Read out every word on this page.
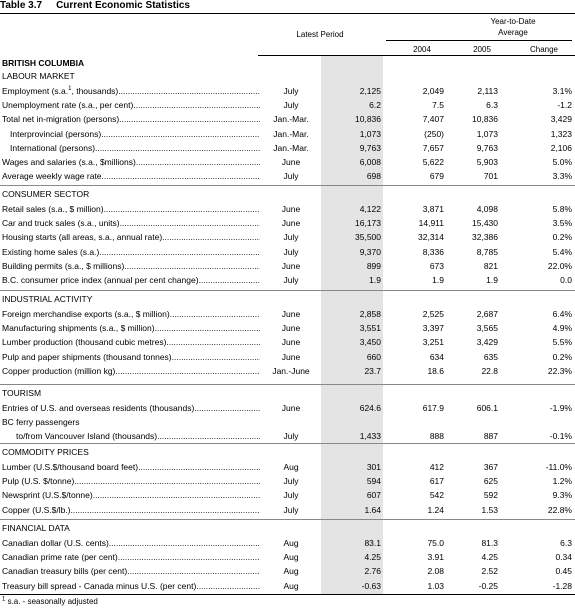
Table 3.7 Current Economic Statistics
Year-to-Date
Average
Latest Period
2004	2005	Change
BRITISH COLUMBIA
Employment (s.a.$^1$, thousands) .....	July	2,125	2,049	2,113	3.1%
Unemployment rate (s.a., per cent) .....	July	6.2	7.5	6.3	-1.2
Total net in-migration (persons) .....	Jan.-Mar.	10,836	7,407	10,836	3,429
Interprovincial (persons) .....	Jan.-Mar.	1,073	(250)	1,073	1,323
International (persons) .....	Jan.-Mar.	9,763	7,657	9,763	2,106
Wages and salaries (s.a., $millions) .....	June	6,008	5,622	5,903	5.0%
Average weekly wage rate .....	July	698	679	701	3.3%
Retail sales (s.a., $ million) .....	June	4,122	3,871	4,098	5.8%
Car and truck sales (s.a., units) .....	June	16,173	14,911	15,430	3.5%
Housing starts (all areas, s.a., annual rate) .....	July	35,500	32,314	32,386	0.2%
Existing home sales (s.a.) .....	July	9,370	8,336	8,785	5.4%
Building permits (s.a., $ millions) .....	June	899	673	821	22.0%
B.C. consumer price index (annual per cent change) .....	July	1.9	1.9	1.9	0.0
Foreign merchandise exports (s.a., $ million) .....	June	2,858	2,525	2,687	6.4%
Manufacturing shipments (s.a., $ million) .....	June	3,551	3,397	3,565	4.9%
Lumber production (thousand cubic metres) .....	June	3,450	3,251	3,429	5.5%
Pulp and paper shipments (thousand tonnes) .....	June	660	634	635	0.2%
Copper production (million kg) .....	Jan.-June	23.7	18.6	22.8	22.3%
Entries of U.S. and overseas residents (thousands) .....	June	624.6	617.9	606.1	-1.9%
BC ferry passengers
to/from Vancouver Island (thousands) .....	July	1,433	888	887	-0.1%
Lumber (U.S.$/thousand board feet) .....	Aug	301	412	367	-11.0%
Pulp (U.S. $/tonne) .....	July	594	617	625	1.2%
Newsprint (U.S.$/tonne) .....	July	607	542	592	9.3%
Copper (U.S.$/lb.) .....	July	1.64	1.24	1.53	22.8%
Canadian dollar (U.S. cents) .....	Aug	83.1	75.0	81.3	6.3
Canadian prime rate (per cent) .....	Aug	4.25	3.91	4.25	0.34
Canadian treasury bills (per cent) .....	Aug	2.76	2.08	2.52	0.45
Treasury bill spread - Canada minus U.S. (per cent) .....	Aug	-0.63	1.03	-0.25	-1.28
$^1$ s.a. - seasonally adjusted
LABOUR MARKET
CONSUMER SECTOR
INDUSTRIAL ACTIVITY
TOURISM
COMMODITY PRICES
FINANCIAL DATA
